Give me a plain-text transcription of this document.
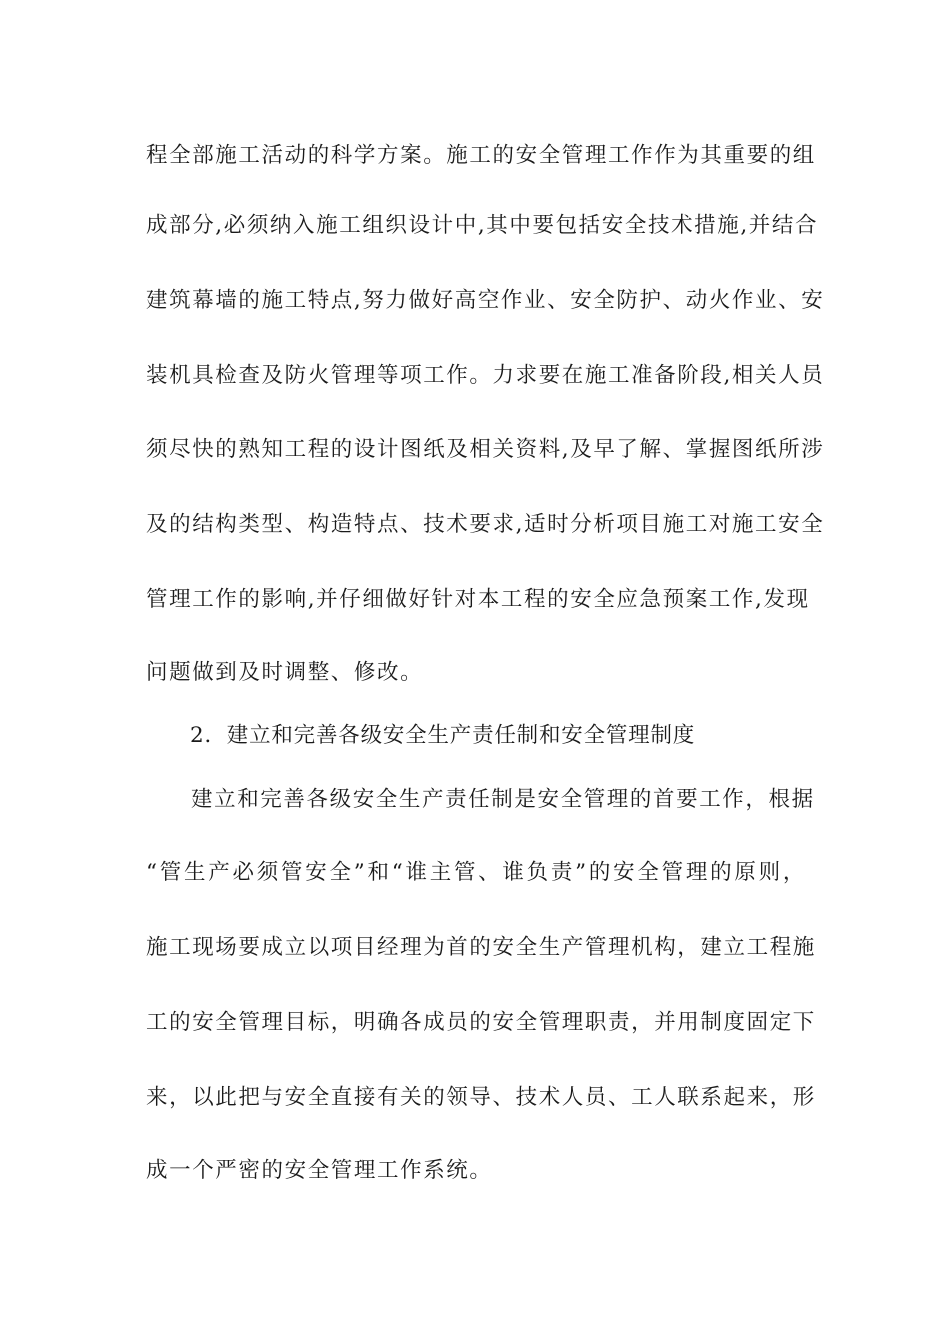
程全部施工活动的科学方案。施工的安全管理工作作为其重要的组
成部分,必须纳入施工组织设计中,其中要包括安全技术措施,并结合
建筑幕墙的施工特点,努力做好高空作业、安全防护、动火作业、安
装机具检查及防火管理等项工作。力求要在施工准备阶段,相关人员
须尽快的熟知工程的设计图纸及相关资料,及早了解、掌握图纸所涉
及的结构类型、构造特点、技术要求,适时分析项目施工对施工安全
管理工作的影响,并仔细做好针对本工程的安全应急预案工作,发现
问题做到及时调整、修改。
2．建立和完善各级安全生产责任制和安全管理制度
建立和完善各级安全生产责任制是安全管理的首要工作，根据
“管生产必须管安全”和“谁主管、谁负责”的安全管理的原则，
施工现场要成立以项目经理为首的安全生产管理机构，建立工程施
工的安全管理目标，明确各成员的安全管理职责，并用制度固定下
来，以此把与安全直接有关的领导、技术人员、工人联系起来，形
成一个严密的安全管理工作系统。
